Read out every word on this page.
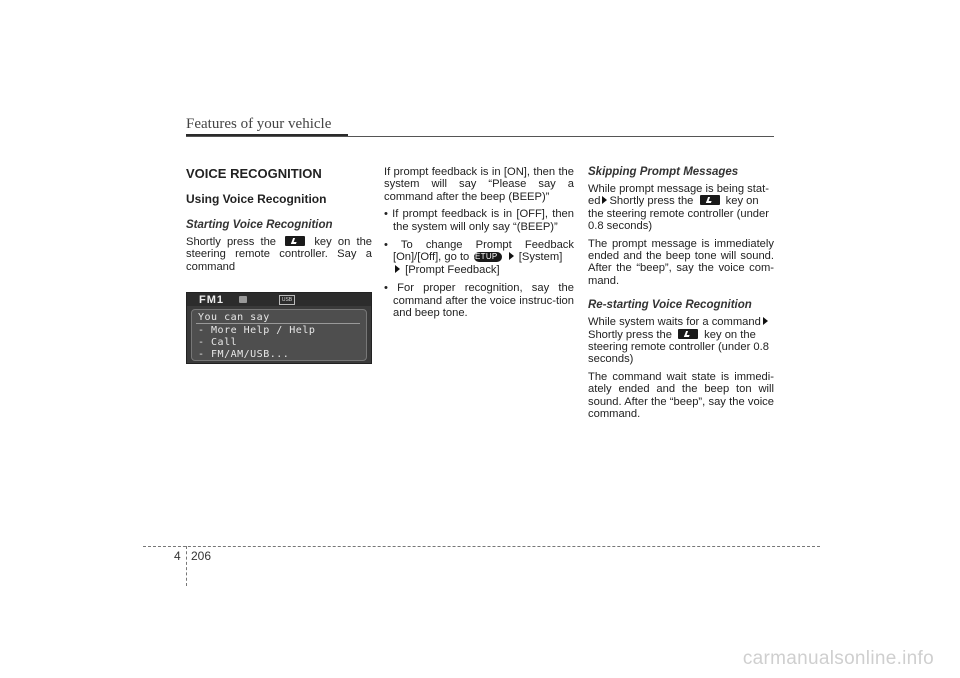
Features of your vehicle
VOICE RECOGNITION
Using Voice Recognition
Starting Voice Recognition

Shortly press the	key on the steering remote controller. Say a command

FM1	USB
You can say
- More Help / Help
- Call
- FM/AM/USB...

If prompt feedback is in [ON], then the system will say “Please say a command after the beep (BEEP)”

• If prompt feedback is in [OFF], then the system will only say “(BEEP)”

• To change Prompt Feedback [On]/[Off], go to SETUP [System]
[Prompt Feedback]

• For proper recognition, say the command after the voice instruc-tion and beep tone.

Skipping Prompt Messages

While prompt message is being stat-ed Shortly press the	key on the steering remote controller (under 0.8 seconds)

The prompt message is immediately ended and the beep tone will sound. After the “beep”, say the voice com-mand.

Re-starting Voice Recognition

While system waits for a command
Shortly press the	key on the steering remote controller (under 0.8 seconds)

The command wait state is immedi-ately ended and the beep ton will sound. After the “beep”, say the voice command.

4 206
carmanualsonline.info
